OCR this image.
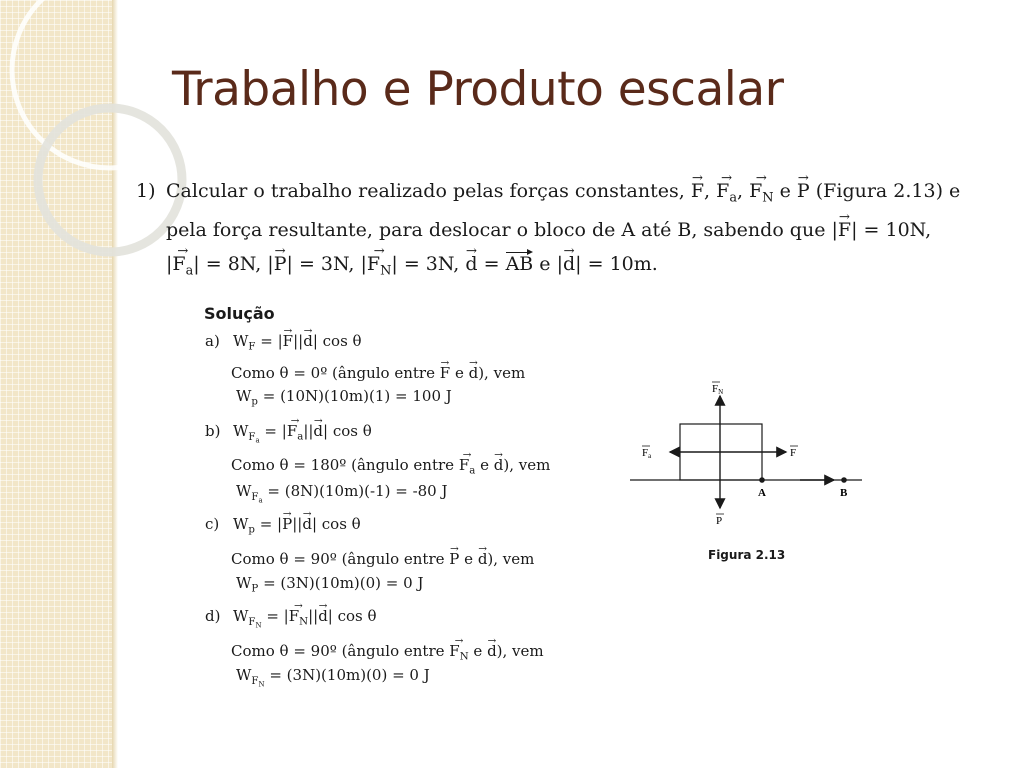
Trabalho e Produto escalar
1) Calcular o trabalho realizado pelas forças constantes, → F, → $F_a$, → $F_N$ e → P (Figura 2.13) e
pela força resultante, para deslocar o bloco de A até B, sabendo que |→ F| = 10N,
|→ $F_a| = 8N$, |→ P| = 3N, |→ $F_N| = 3N$, → d = AB e |→ d| = 10m.
Solução
a) $W_F$ = |→ F||→ d| cos θ
Como θ = 0º (ângulo entre → F e → d), vem
$W_p = (10N)(10m)(1) = 100$ J
b) $W_{F_a}$ = |→ $F_a||\to d|$ cos θ
Como θ = 180º (ângulo entre → $F_a$ e → d), vem
$W_{F_a} = (8N)(10m)(-1) = -80$ J
c) $W_p$ = |→ P||→ d| cos θ
Como θ = 90º (ângulo entre → P e → d), vem
$W_P = (3N)(10m)(0) = 0$ J
d) $W_{F_N}$ = |→ $F_N||\to d|$ cos θ
Como θ = 90º (ângulo entre → $F_N$ e → d), vem
$W_{F_N} = (3N)(10m)(0) = 0$ J
FN
Fa	F
P
A	B
Figura 2.13
